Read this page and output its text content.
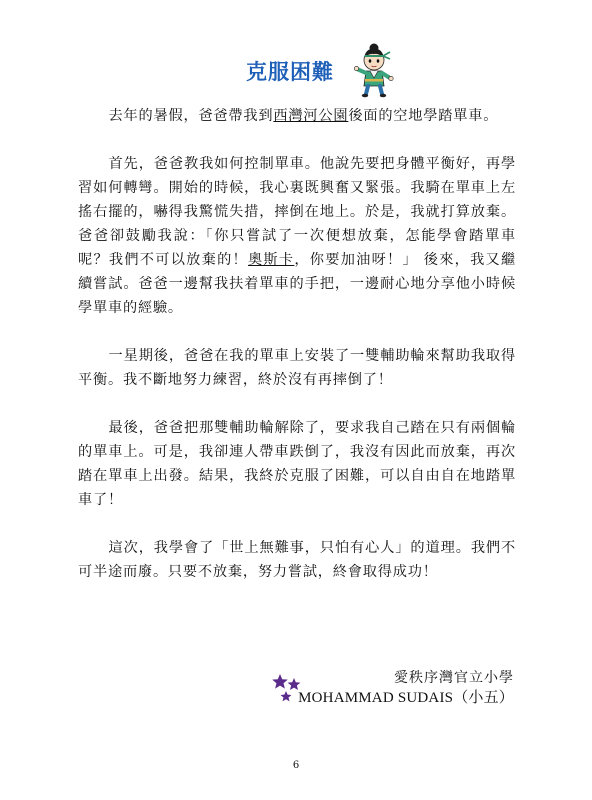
克服困難

去年的暑假，爸爸帶我到西灣河公園後面的空地學踏單車。

首先，爸爸教我如何控制單車。他說先要把身體平衡好，再學習如何轉彎。開始的時候，我心裏既興奮又緊張。我騎在單車上左搖右擺的，嚇得我驚慌失措，摔倒在地上。於是，我就打算放棄。爸爸卻鼓勵我說：「你只嘗試了一次便想放棄，怎能學會踏單車呢？我們不可以放棄的！奧斯卡，你要加油呀！」 後來，我又繼續嘗試。爸爸一邊幫我扶着單車的手把，一邊耐心地分享他小時候學單車的經驗。

一星期後，爸爸在我的單車上安裝了一雙輔助輪來幫助我取得平衡。我不斷地努力練習，終於沒有再摔倒了！

最後，爸爸把那雙輔助輪解除了，要求我自己踏在只有兩個輪的單車上。可是，我卻連人帶車跌倒了，我沒有因此而放棄，再次踏在單車上出發。結果，我終於克服了困難，可以自由自在地踏單車了！

這次，我學會了「世上無難事，只怕有心人」的道理。我們不可半途而廢。只要不放棄，努力嘗試，終會取得成功！

愛秩序灣官立小學
MOHAMMAD SUDAIS（小五）
6
